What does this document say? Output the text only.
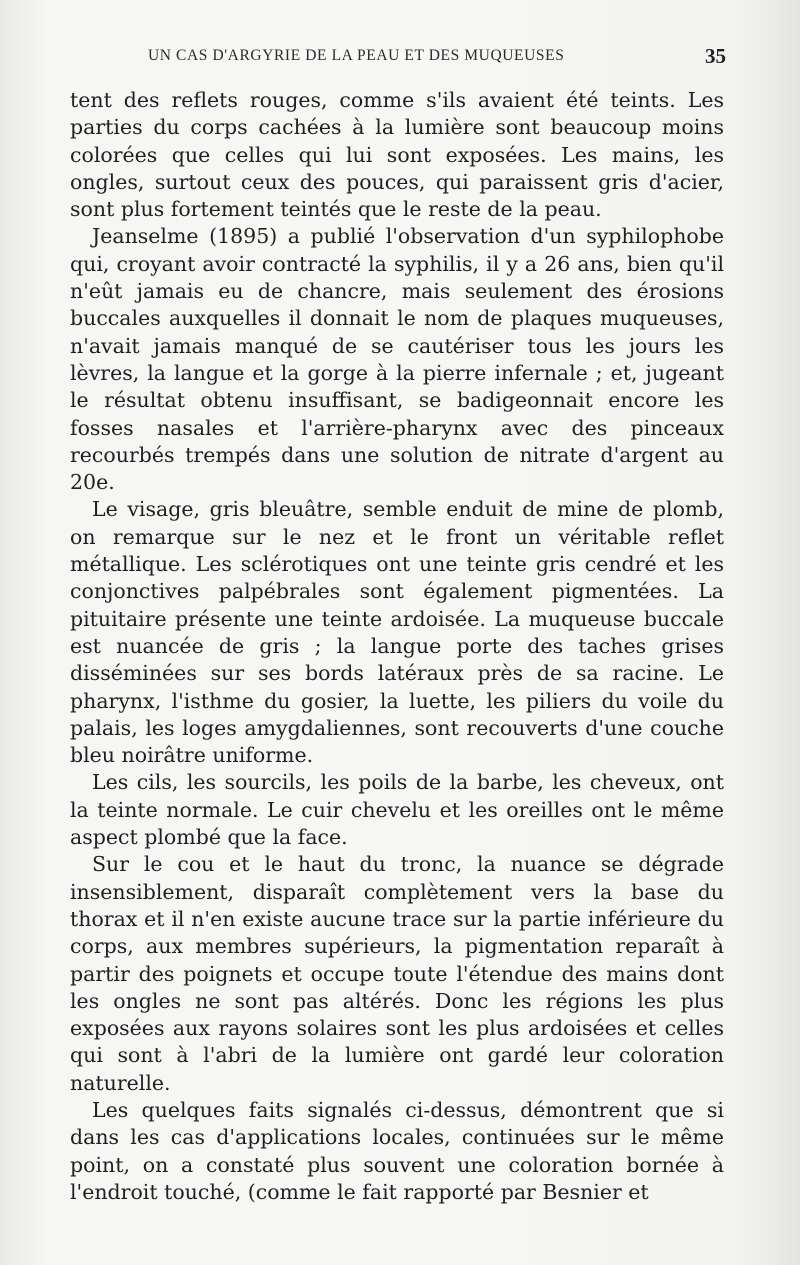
UN CAS D'ARGYRIE DE LA PEAU ET DES MUQUEUSES	35

tent des reflets rouges, comme s'ils avaient été teints. Les parties du corps cachées à la lumière sont beaucoup moins colorées que celles qui lui sont exposées. Les mains, les ongles, surtout ceux des pouces, qui paraissent gris d'acier, sont plus fortement teintés que le reste de la peau.

Jeanselme (1895) a publié l'observation d'un syphilophobe qui, croyant avoir contracté la syphilis, il y a 26 ans, bien qu'il n'eût jamais eu de chancre, mais seulement des érosions buccales auxquelles il donnait le nom de plaques muqueuses, n'avait jamais manqué de se cautériser tous les jours les lèvres, la langue et la gorge à la pierre infernale ; et, jugeant le résultat obtenu insuffisant, se badigeonnait encore les fosses nasales et l'arrière-pharynx avec des pinceaux recourbés trempés dans une solution de nitrate d'argent au 20e.

Le visage, gris bleuâtre, semble enduit de mine de plomb, on remarque sur le nez et le front un véritable reflet métallique. Les sclérotiques ont une teinte gris cendré et les conjonctives palpébrales sont également pigmentées. La pituitaire présente une teinte ardoisée. La muqueuse buccale est nuancée de gris ; la langue porte des taches grises disséminées sur ses bords latéraux près de sa racine. Le pharynx, l'isthme du gosier, la luette, les piliers du voile du palais, les loges amygdaliennes, sont recouverts d'une couche bleu noirâtre uniforme.

Les cils, les sourcils, les poils de la barbe, les cheveux, ont la teinte normale. Le cuir chevelu et les oreilles ont le même aspect plombé que la face.

Sur le cou et le haut du tronc, la nuance se dégrade insensiblement, disparaît complètement vers la base du thorax et il n'en existe aucune trace sur la partie inférieure du corps, aux membres supérieurs, la pigmentation reparaît à partir des poignets et occupe toute l'étendue des mains dont les ongles ne sont pas altérés. Donc les régions les plus exposées aux rayons solaires sont les plus ardoisées et celles qui sont à l'abri de la lumière ont gardé leur coloration naturelle.

Les quelques faits signalés ci-dessus, démontrent que si dans les cas d'applications locales, continuées sur le même point, on a constaté plus souvent une coloration bornée à l'endroit touché, (comme le fait rapporté par Besnier et
